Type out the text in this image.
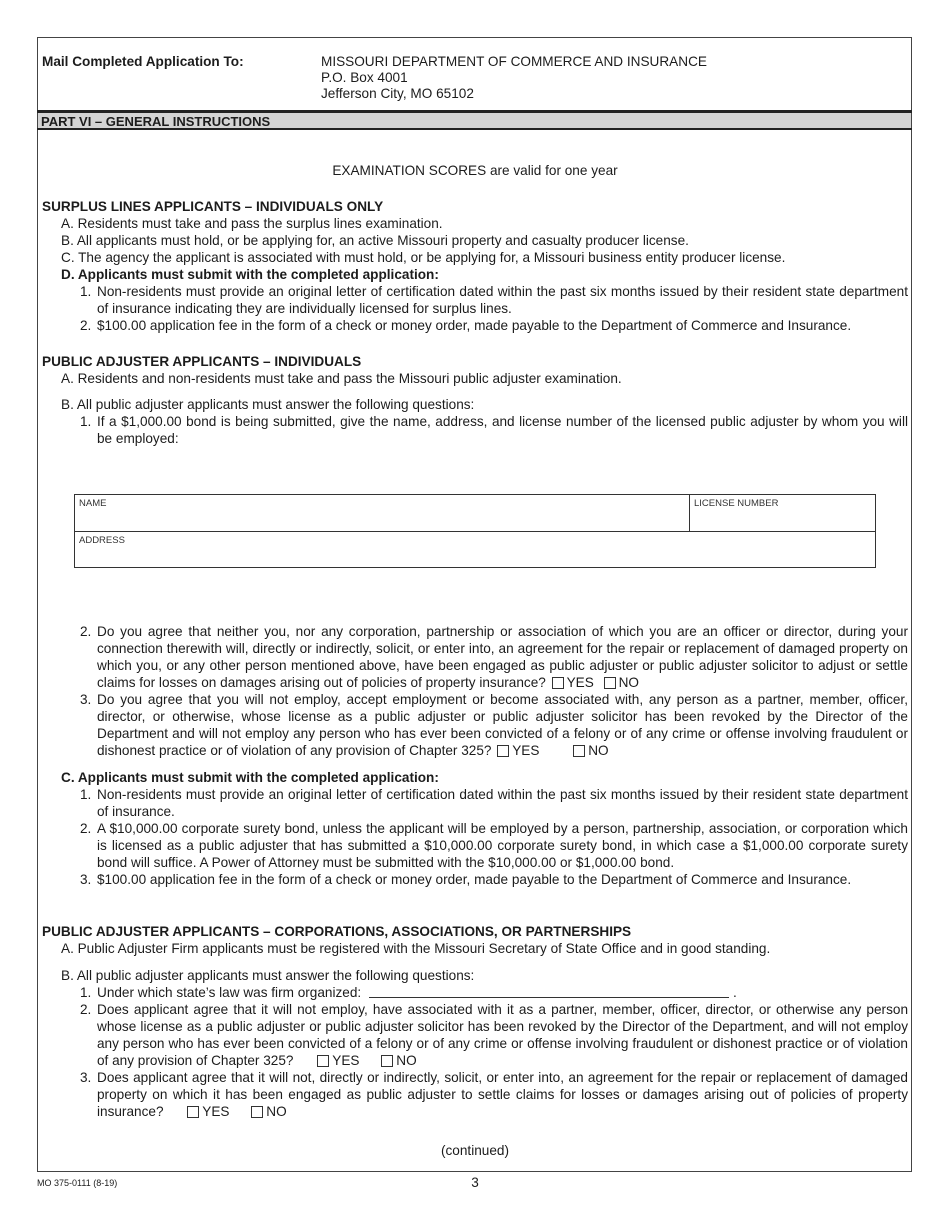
Mail Completed Application To:	MISSOURI DEPARTMENT OF COMMERCE AND INSURANCE
P.O. Box 4001
Jefferson City, MO 65102
PART VI – GENERAL INSTRUCTIONS
EXAMINATION SCORES are valid for one year
SURPLUS LINES APPLICANTS – INDIVIDUALS ONLY
A. Residents must take and pass the surplus lines examination.
B. All applicants must hold, or be applying for, an active Missouri property and casualty producer license.
C. The agency the applicant is associated with must hold, or be applying for, a Missouri business entity producer license.
D. Applicants must submit with the completed application:
1. Non-residents must provide an original letter of certification dated within the past six months issued by their resident state department of insurance indicating they are individually licensed for surplus lines.
2. $100.00 application fee in the form of a check or money order, made payable to the Department of Commerce and Insurance.
PUBLIC ADJUSTER APPLICANTS – INDIVIDUALS
A. Residents and non-residents must take and pass the Missouri public adjuster examination.
B. All public adjuster applicants must answer the following questions:
1. If a $1,000.00 bond is being submitted, give the name, address, and license number of the licensed public adjuster by whom you will be employed:
NAME	LICENSE NUMBER
ADDRESS
2. Do you agree that neither you, nor any corporation, partnership or association of which you are an officer or director, during your connection therewith will, directly or indirectly, solicit, or enter into, an agreement for the repair or replacement of damaged property on which you, or any other person mentioned above, have been engaged as public adjuster or public adjuster solicitor to adjust or settle claims for losses on damages arising out of policies of property insurance? YES NO
3. Do you agree that you will not employ, accept employment or become associated with, any person as a partner, member, officer, director, or otherwise, whose license as a public adjuster or public adjuster solicitor has been revoked by the Director of the Department and will not employ any person who has ever been convicted of a felony or of any crime or offense involving fraudulent or dishonest practice or of violation of any provision of Chapter 325? YES	NO
C. Applicants must submit with the completed application:
1. Non-residents must provide an original letter of certification dated within the past six months issued by their resident state department of insurance.
2. A $10,000.00 corporate surety bond, unless the applicant will be employed by a person, partnership, association, or corporation which is licensed as a public adjuster that has submitted a $10,000.00 corporate surety bond, in which case a $1,000.00 corporate surety bond will suffice. A Power of Attorney must be submitted with the $10,000.00 or $1,000.00 bond.
3. $100.00 application fee in the form of a check or money order, made payable to the Department of Commerce and Insurance.
PUBLIC ADJUSTER APPLICANTS – CORPORATIONS, ASSOCIATIONS, OR PARTNERSHIPS
A. Public Adjuster Firm applicants must be registered with the Missouri Secretary of State Office and in good standing.
B. All public adjuster applicants must answer the following questions:
1. Under which state’s law was firm organized:	.
2. Does applicant agree that it will not employ, have associated with it as a partner, member, officer, director, or otherwise any person whose license as a public adjuster or public adjuster solicitor has been revoked by the Director of the Department, and will not employ any person who has ever been convicted of a felony or of any crime or offense involving fraudulent or dishonest practice or of violation of any provision of Chapter 325?	YES	NO
3. Does applicant agree that it will not, directly or indirectly, solicit, or enter into, an agreement for the repair or replacement of damaged property on which it has been engaged as public adjuster to settle claims for losses or damages arising out of policies of property insurance?	YES	NO
(continued)
MO 375-0111 (8-19)	3
